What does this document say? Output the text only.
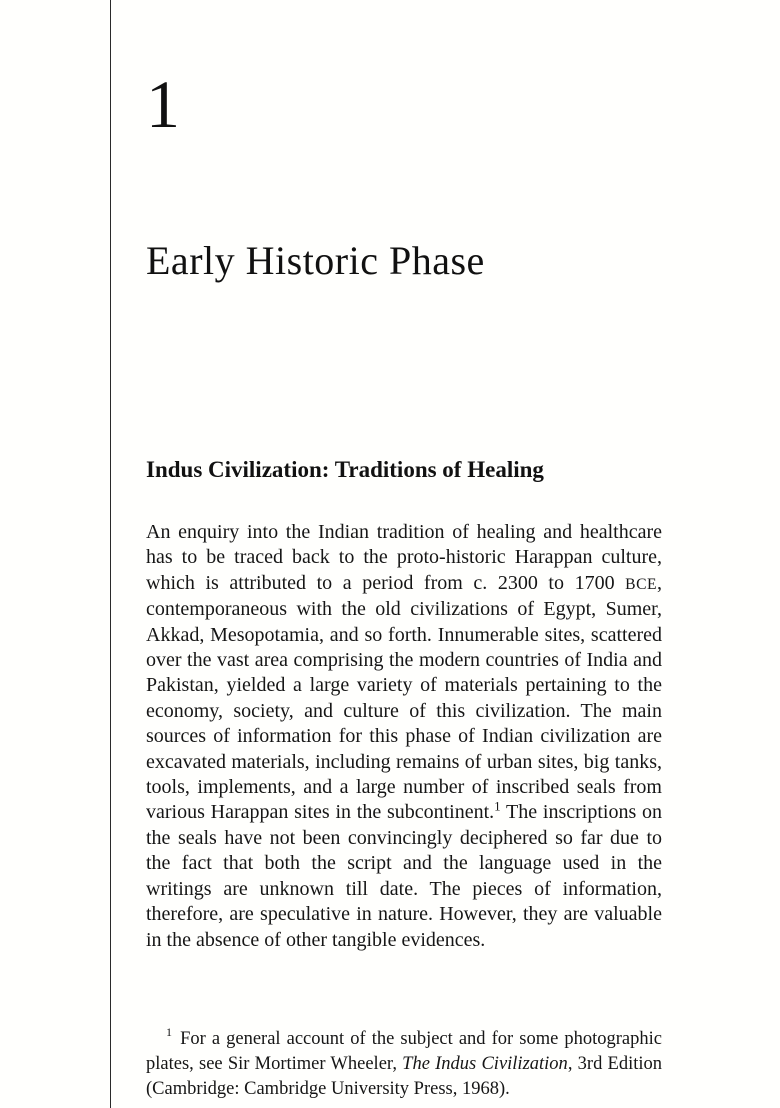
1
Early Historic Phase
Indus Civilization: Traditions of Healing

An enquiry into the Indian tradition of healing and healthcare has to be traced back to the proto-historic Harappan culture, which is attributed to a period from c. 2300 to 1700 BCE, contemporaneous with the old civilizations of Egypt, Sumer, Akkad, Mesopotamia, and so forth. Innumerable sites, scattered over the vast area comprising the modern countries of India and Pakistan, yielded a large variety of materials pertaining to the economy, society, and culture of this civilization. The main sources of information for this phase of Indian civilization are excavated materials, including remains of urban sites, big tanks, tools, implements, and a large number of inscribed seals from various Harappan sites in the subcontinent.$^1$ The inscriptions on the seals have not been convincingly deciphered so far due to the fact that both the script and the language used in the writings are unknown till date. The pieces of information, therefore, are speculative in nature. However, they are valuable in the absence of other tangible evidences.

$^1$ For a general account of the subject and for some photographic plates, see Sir Mortimer Wheeler, The Indus Civilization, 3rd Edition (Cambridge: Cambridge University Press, 1968).
